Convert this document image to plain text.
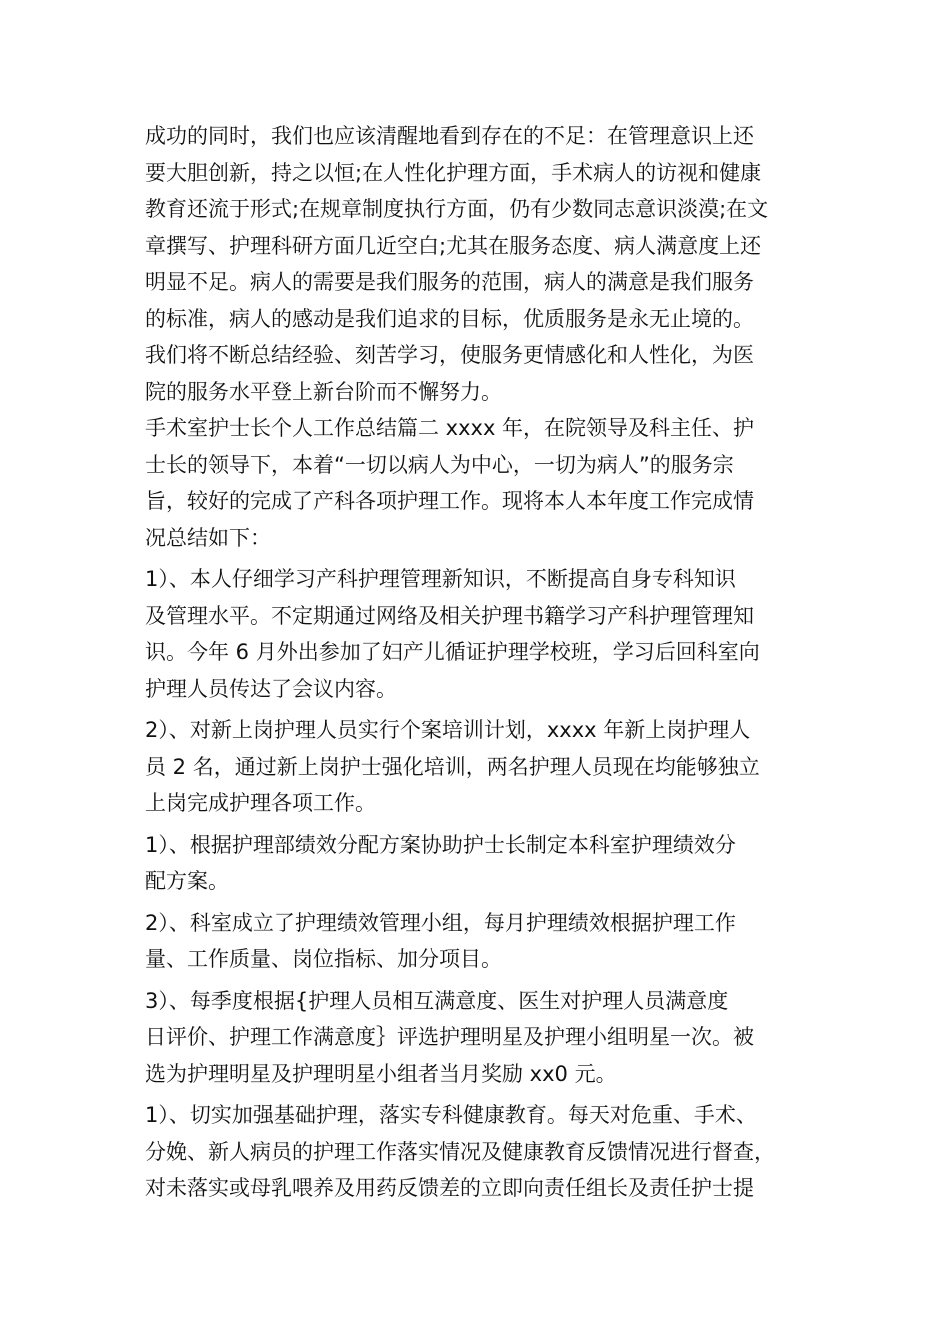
成功的同时，我们也应该清醒地看到存在的不足：在管理意识上还
要大胆创新，持之以恒;在人性化护理方面，手术病人的访视和健康
教育还流于形式;在规章制度执行方面，仍有少数同志意识淡漠;在文
章撰写、护理科研方面几近空白;尤其在服务态度、病人满意度上还
明显不足。病人的需要是我们服务的范围，病人的满意是我们服务
的标准，病人的感动是我们追求的目标，优质服务是永无止境的。
我们将不断总结经验、刻苦学习，使服务更情感化和人性化，为医
院的服务水平登上新台阶而不懈努力。
手术室护士长个人工作总结篇二 xxxx 年，在院领导及科主任、护
士长的领导下，本着“一切以病人为中心，一切为病人”的服务宗
旨，较好的完成了产科各项护理工作。现将本人本年度工作完成情
况总结如下：
1）、本人仔细学习产科护理管理新知识，不断提高自身专科知识
及管理水平。不定期通过网络及相关护理书籍学习产科护理管理知
识。今年 6 月外出参加了妇产儿循证护理学校班，学习后回科室向
护理人员传达了会议内容。
2）、对新上岗护理人员实行个案培训计划，xxxx 年新上岗护理人
员 2 名，通过新上岗护士强化培训，两名护理人员现在均能够独立
上岗完成护理各项工作。
1）、根据护理部绩效分配方案协助护士长制定本科室护理绩效分
配方案。
2）、科室成立了护理绩效管理小组，每月护理绩效根据护理工作
量、工作质量、岗位指标、加分项目。
3）、每季度根据{护理人员相互满意度、医生对护理人员满意度
日评价、护理工作满意度｝评选护理明星及护理小组明星一次。被
选为护理明星及护理明星小组者当月奖励 xx0 元。
1）、切实加强基础护理，落实专科健康教育。每天对危重、手术、
分娩、新人病员的护理工作落实情况及健康教育反馈情况进行督查，
对未落实或母乳喂养及用药反馈差的立即向责任组长及责任护士提
